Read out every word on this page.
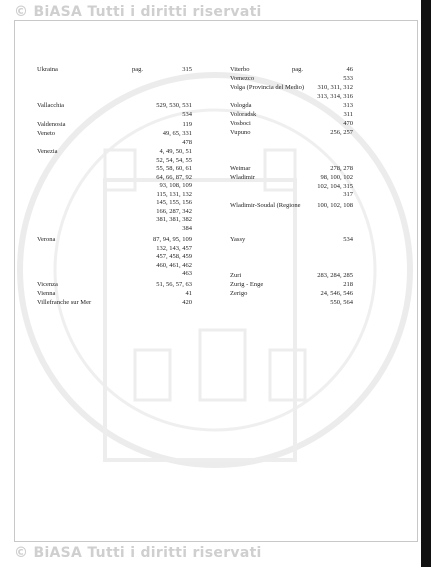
© BiASA Tutti i diritti riservati
© BiASA Tutti i diritti riservati
Ukraina	pag.	315
Vallacchia	529, 530, 531
534
Valdenosia	119
Veneto	49, 65, 331
478
Venezia	4, 49, 50, 51
52, 54, 54, 55
55, 58, 60, 61
64, 66, 87, 92
93, 108, 109
115, 131, 132
145, 155, 156
166, 287, 342
381, 381, 382
384
Verona	87, 94, 95, 109
132, 143, 457
457, 458, 459
460, 461, 462
463
Vicenza	51, 56, 57, 63
Vienna	41
Villefranche sur Mer	420
Viterbo	pag.	46
Vomezco	533
Volga (Provincia del Medio) 310, 311, 312
313, 314, 316
Vologda	313
Voloradsk	311
Vosboci	470
Vupuno	256, 257
Weimar	278, 278
Wladimir	98, 100, 102
102, 104, 315
317
Wladimir-Soudal (Regione	100, 102, 108
Yassy	534
Zuri	283, 284, 285
Zurig - Enge	218
Zerigo	24, 546, 546
550, 564
